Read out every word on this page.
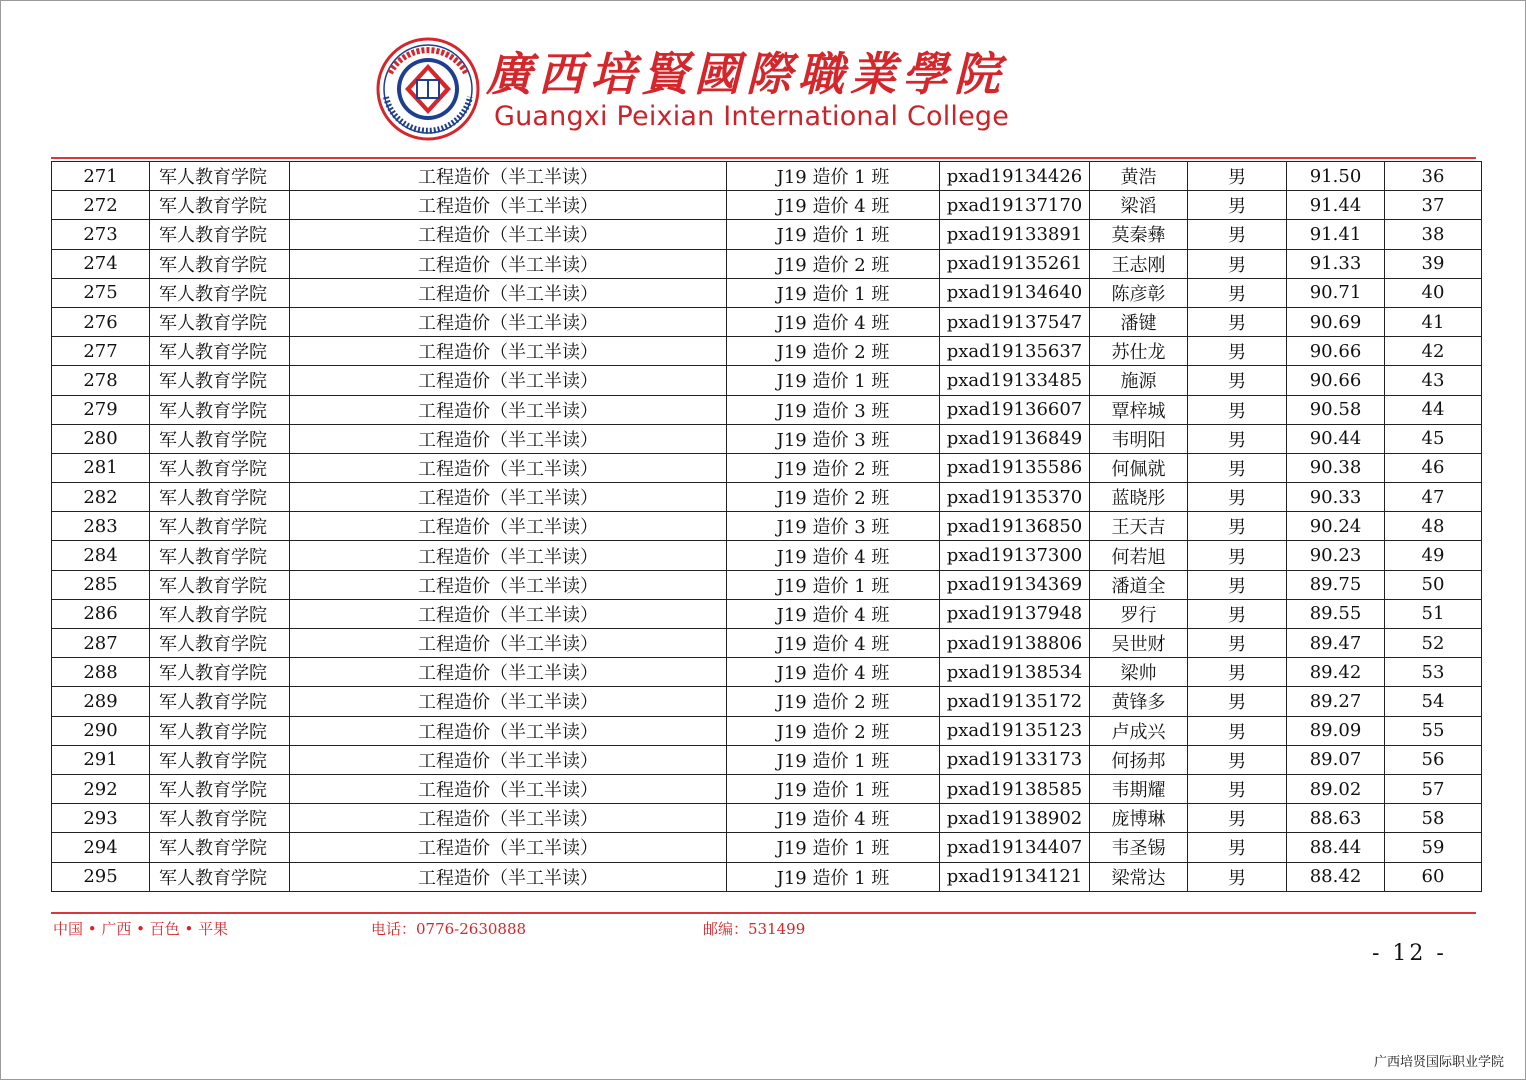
廣西培賢國際職業學院
Guangxi Peixian International College
271	军人教育学院	工程造价（半工半读）	J19 造价 1 班	pxad19134426	黄浩	男	91.50	36
272	军人教育学院	工程造价（半工半读）	J19 造价 4 班	pxad19137170	梁滔	男	91.44	37
273	军人教育学院	工程造价（半工半读）	J19 造价 1 班	pxad19133891	莫秦彝	男	91.41	38
274	军人教育学院	工程造价（半工半读）	J19 造价 2 班	pxad19135261	王志刚	男	91.33	39
275	军人教育学院	工程造价（半工半读）	J19 造价 1 班	pxad19134640	陈彦彰	男	90.71	40
276	军人教育学院	工程造价（半工半读）	J19 造价 4 班	pxad19137547	潘键	男	90.69	41
277	军人教育学院	工程造价（半工半读）	J19 造价 2 班	pxad19135637	苏仕龙	男	90.66	42
278	军人教育学院	工程造价（半工半读）	J19 造价 1 班	pxad19133485	施源	男	90.66	43
279	军人教育学院	工程造价（半工半读）	J19 造价 3 班	pxad19136607	覃梓城	男	90.58	44
280	军人教育学院	工程造价（半工半读）	J19 造价 3 班	pxad19136849	韦明阳	男	90.44	45
281	军人教育学院	工程造价（半工半读）	J19 造价 2 班	pxad19135586	何佩就	男	90.38	46
282	军人教育学院	工程造价（半工半读）	J19 造价 2 班	pxad19135370	蓝晓彤	男	90.33	47
283	军人教育学院	工程造价（半工半读）	J19 造价 3 班	pxad19136850	王天吉	男	90.24	48
284	军人教育学院	工程造价（半工半读）	J19 造价 4 班	pxad19137300	何若旭	男	90.23	49
285	军人教育学院	工程造价（半工半读）	J19 造价 1 班	pxad19134369	潘道全	男	89.75	50
286	军人教育学院	工程造价（半工半读）	J19 造价 4 班	pxad19137948	罗行	男	89.55	51
287	军人教育学院	工程造价（半工半读）	J19 造价 4 班	pxad19138806	吴世财	男	89.47	52
288	军人教育学院	工程造价（半工半读）	J19 造价 4 班	pxad19138534	梁帅	男	89.42	53
289	军人教育学院	工程造价（半工半读）	J19 造价 2 班	pxad19135172	黄锋多	男	89.27	54
290	军人教育学院	工程造价（半工半读）	J19 造价 2 班	pxad19135123	卢成兴	男	89.09	55
291	军人教育学院	工程造价（半工半读）	J19 造价 1 班	pxad19133173	何扬邦	男	89.07	56
292	军人教育学院	工程造价（半工半读）	J19 造价 1 班	pxad19138585	韦期耀	男	89.02	57
293	军人教育学院	工程造价（半工半读）	J19 造价 4 班	pxad19138902	庞博琳	男	88.63	58
294	军人教育学院	工程造价（半工半读）	J19 造价 1 班	pxad19134407	韦圣锡	男	88.44	59
295	军人教育学院	工程造价（半工半读）	J19 造价 1 班	pxad19134121	梁常达	男	88.42	60
中国 • 广西 • 百色 • 平果	电话：0776-2630888	邮编：531499
- 12 -
广西培贤国际职业学院
